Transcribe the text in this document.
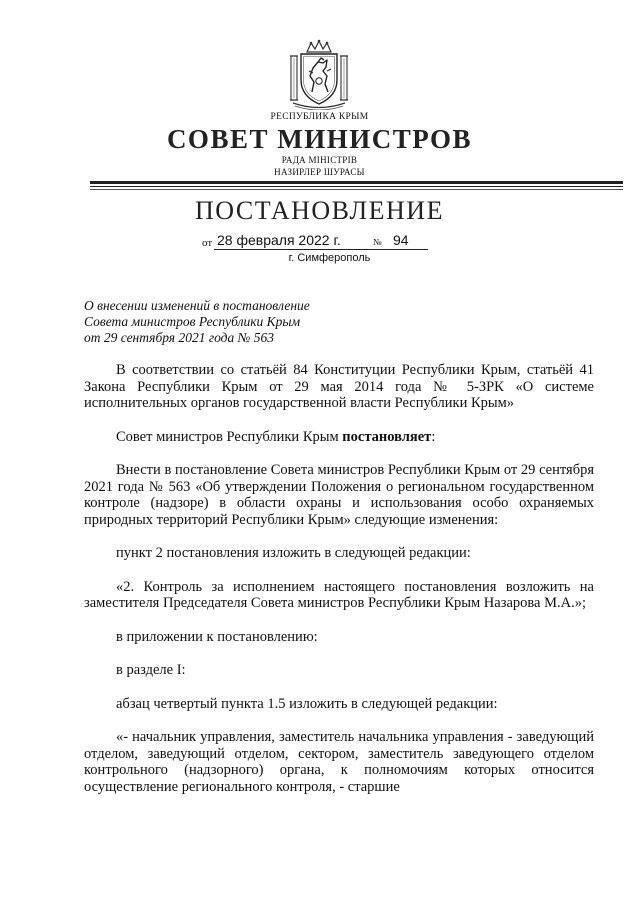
РЕСПУБЛИКА КРЫМ
СОВЕТ МИНИСТРОВ
РАДА МІНІСТРІВ
НАЗИРЛЕР ШУРАСЫ
ПОСТАНОВЛЕНИЕ
от 28 февраля 2022 г.	№ 94
г. Симферополь
О внесении изменений в постановление
Совета министров Республики Крым
от 29 сентября 2021 года № 563

В соответствии со статьёй 84 Конституции Республики Крым, статьёй 41 Закона Республики Крым от 29 мая 2014 года № 5-ЗРК «О системе исполнительных органов государственной власти Республики Крым»

Совет министров Республики Крым постановляет:

Внести в постановление Совета министров Республики Крым от 29 сентября 2021 года № 563 «Об утверждении Положения о региональном государственном контроле (надзоре) в области охраны и использования особо охраняемых природных территорий Республики Крым» следующие изменения:

пункт 2 постановления изложить в следующей редакции:

«2. Контроль за исполнением настоящего постановления возложить на заместителя Председателя Совета министров Республики Крым Назарова М.А.»;

в приложении к постановлению:

в разделе I:

абзац четвертый пункта 1.5 изложить в следующей редакции:

«- начальник управления, заместитель начальника управления - заведующий отделом, заведующий отделом, сектором, заместитель заведующего отделом контрольного (надзорного) органа, к полномочиям которых относится осуществление регионального контроля, - старшие
